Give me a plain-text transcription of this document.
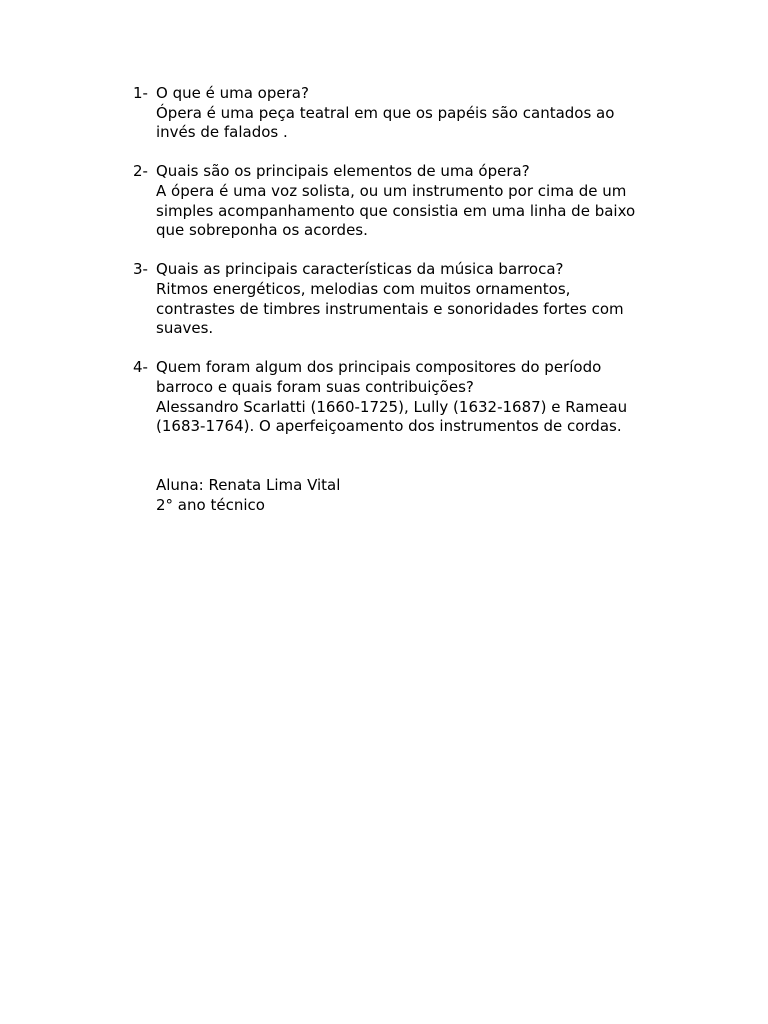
1- O que é uma opera?
Ópera é uma peça teatral em que os papéis são cantados ao
invés de falados .
2- Quais são os principais elementos de uma ópera?
A ópera é uma voz solista, ou um instrumento por cima de um
simples acompanhamento que consistia em uma linha de baixo
que sobreponha os acordes.
3- Quais as principais características da música barroca?
Ritmos energéticos, melodias com muitos ornamentos,
contrastes de timbres instrumentais e sonoridades fortes com
suaves.
4- Quem foram algum dos principais compositores do período
barroco e quais foram suas contribuições?
Alessandro Scarlatti (1660-1725), Lully (1632-1687) e Rameau
(1683-1764). O aperfeiçoamento dos instrumentos de cordas.
Aluna: Renata Lima Vital
2° ano técnico
